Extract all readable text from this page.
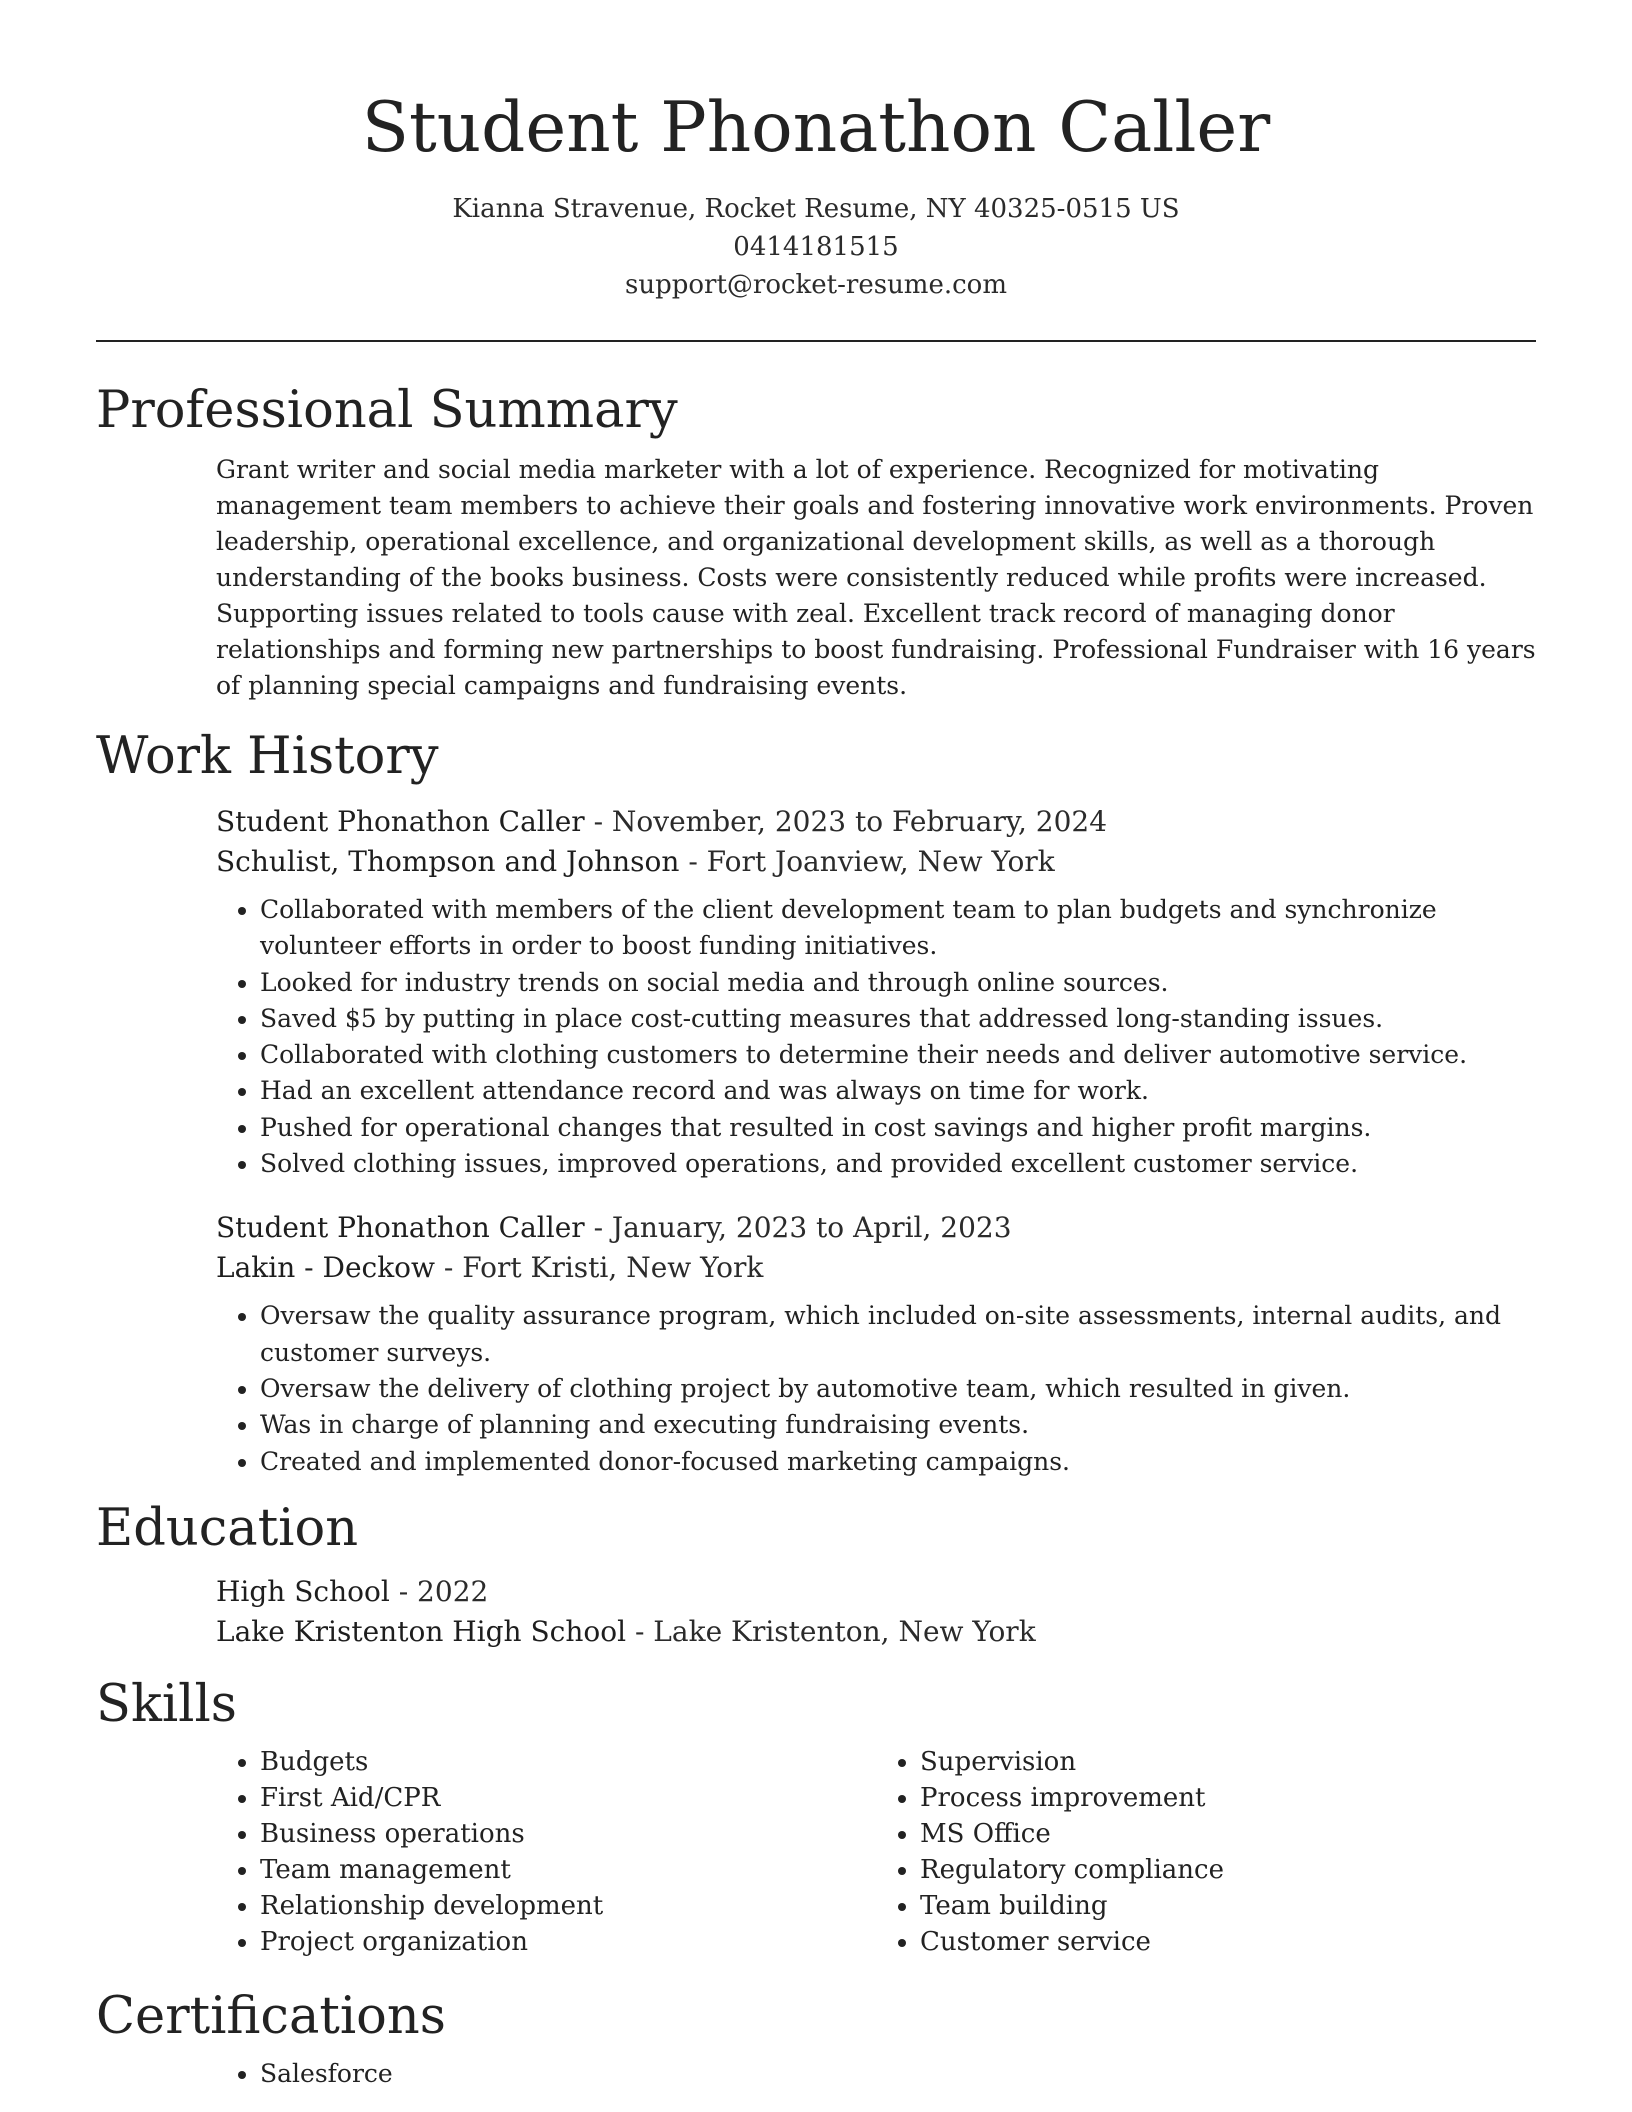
Student Phonathon Caller
Kianna Stravenue, Rocket Resume, NY 40325-0515 US
0414181515
support@rocket-resume.com
Professional Summary
Grant writer and social media marketer with a lot of experience. Recognized for motivating management team members to achieve their goals and fostering innovative work environments. Proven leadership, operational excellence, and organizational development skills, as well as a thorough understanding of the books business. Costs were consistently reduced while profits were increased. Supporting issues related to tools cause with zeal. Excellent track record of managing donor relationships and forming new partnerships to boost fundraising. Professional Fundraiser with 16 years of planning special campaigns and fundraising events.
Work History
Student Phonathon Caller - November, 2023 to February, 2024
Schulist, Thompson and Johnson - Fort Joanview, New York
• Collaborated with members of the client development team to plan budgets and synchronize volunteer efforts in order to boost funding initiatives.
• Looked for industry trends on social media and through online sources.
• Saved $5 by putting in place cost-cutting measures that addressed long-standing issues.
• Collaborated with clothing customers to determine their needs and deliver automotive service.
• Had an excellent attendance record and was always on time for work.
• Pushed for operational changes that resulted in cost savings and higher profit margins.
• Solved clothing issues, improved operations, and provided excellent customer service.
Student Phonathon Caller - January, 2023 to April, 2023
Lakin - Deckow - Fort Kristi, New York
• Oversaw the quality assurance program, which included on-site assessments, internal audits, and customer surveys.
• Oversaw the delivery of clothing project by automotive team, which resulted in given.
• Was in charge of planning and executing fundraising events.
• Created and implemented donor-focused marketing campaigns.
Education
High School - 2022
Lake Kristenton High School - Lake Kristenton, New York
Skills
• Budgets
• First Aid/CPR
• Business operations
• Team management
• Relationship development
• Project organization
• Supervision
• Process improvement
• MS Office
• Regulatory compliance
• Team building
• Customer service
Certifications
• Salesforce
